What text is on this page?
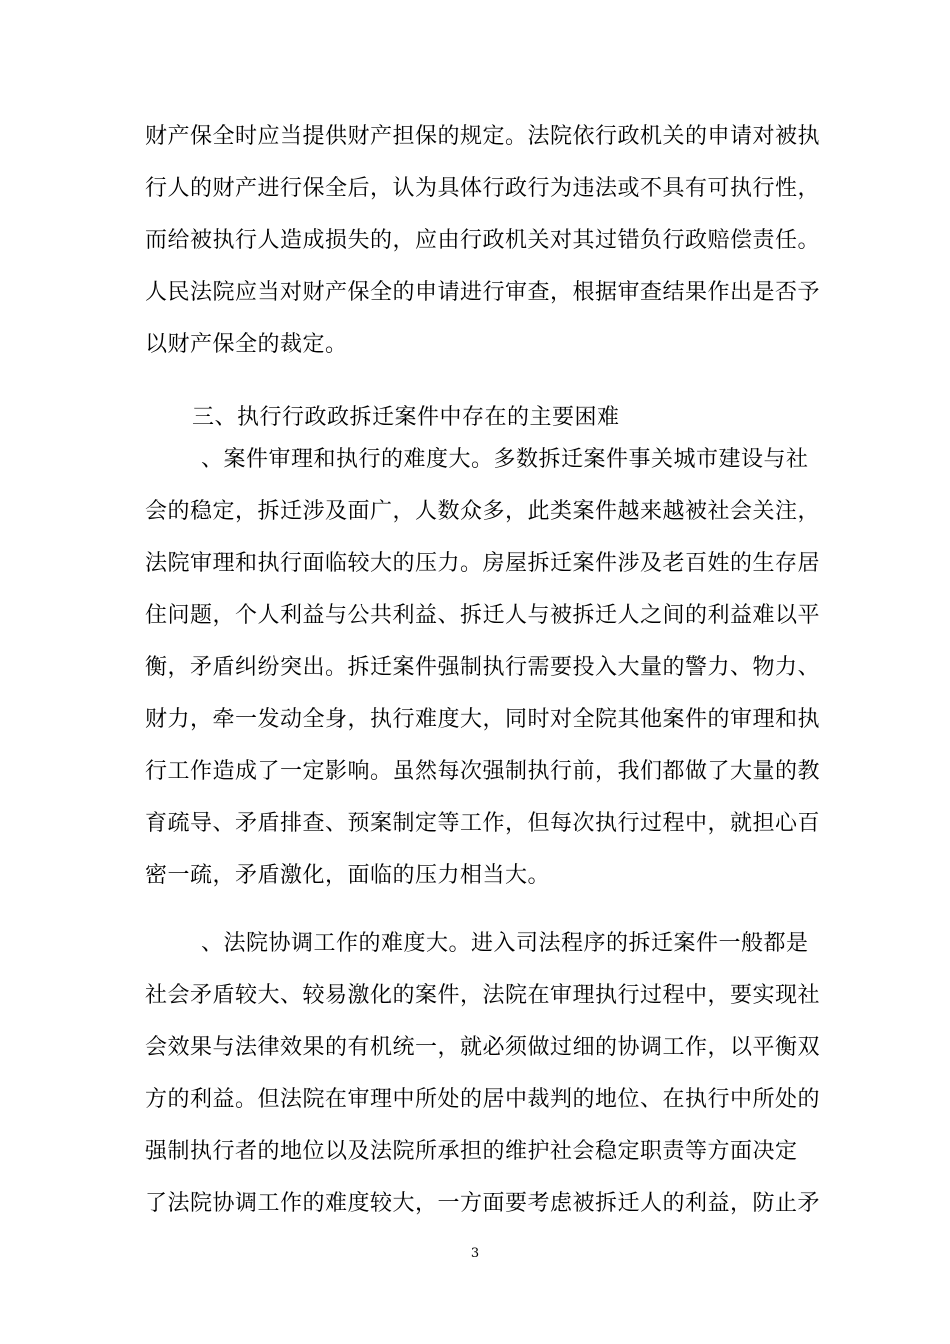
财产保全时应当提供财产担保的规定。法院依行政机关的申请对被执
行人的财产进行保全后，认为具体行政行为违法或不具有可执行性，
而给被执行人造成损失的，应由行政机关对其过错负行政赔偿责任。
人民法院应当对财产保全的申请进行审查，根据审查结果作出是否予
以财产保全的裁定。
三、执行行政政拆迁案件中存在的主要困难
、案件审理和执行的难度大。多数拆迁案件事关城市建设与社
会的稳定，拆迁涉及面广，人数众多，此类案件越来越被社会关注，
法院审理和执行面临较大的压力。房屋拆迁案件涉及老百姓的生存居
住问题，个人利益与公共利益、拆迁人与被拆迁人之间的利益难以平
衡，矛盾纠纷突出。拆迁案件强制执行需要投入大量的警力、物力、
财力，牵一发动全身，执行难度大，同时对全院其他案件的审理和执
行工作造成了一定影响。虽然每次强制执行前，我们都做了大量的教
育疏导、矛盾排查、预案制定等工作，但每次执行过程中，就担心百
密一疏，矛盾激化，面临的压力相当大。
、法院协调工作的难度大。进入司法程序的拆迁案件一般都是
社会矛盾较大、较易激化的案件，法院在审理执行过程中，要实现社
会效果与法律效果的有机统一，就必须做过细的协调工作，以平衡双
方的利益。但法院在审理中所处的居中裁判的地位、在执行中所处的
强制执行者的地位以及法院所承担的维护社会稳定职责等方面决定
了法院协调工作的难度较大，一方面要考虑被拆迁人的利益，防止矛
3
